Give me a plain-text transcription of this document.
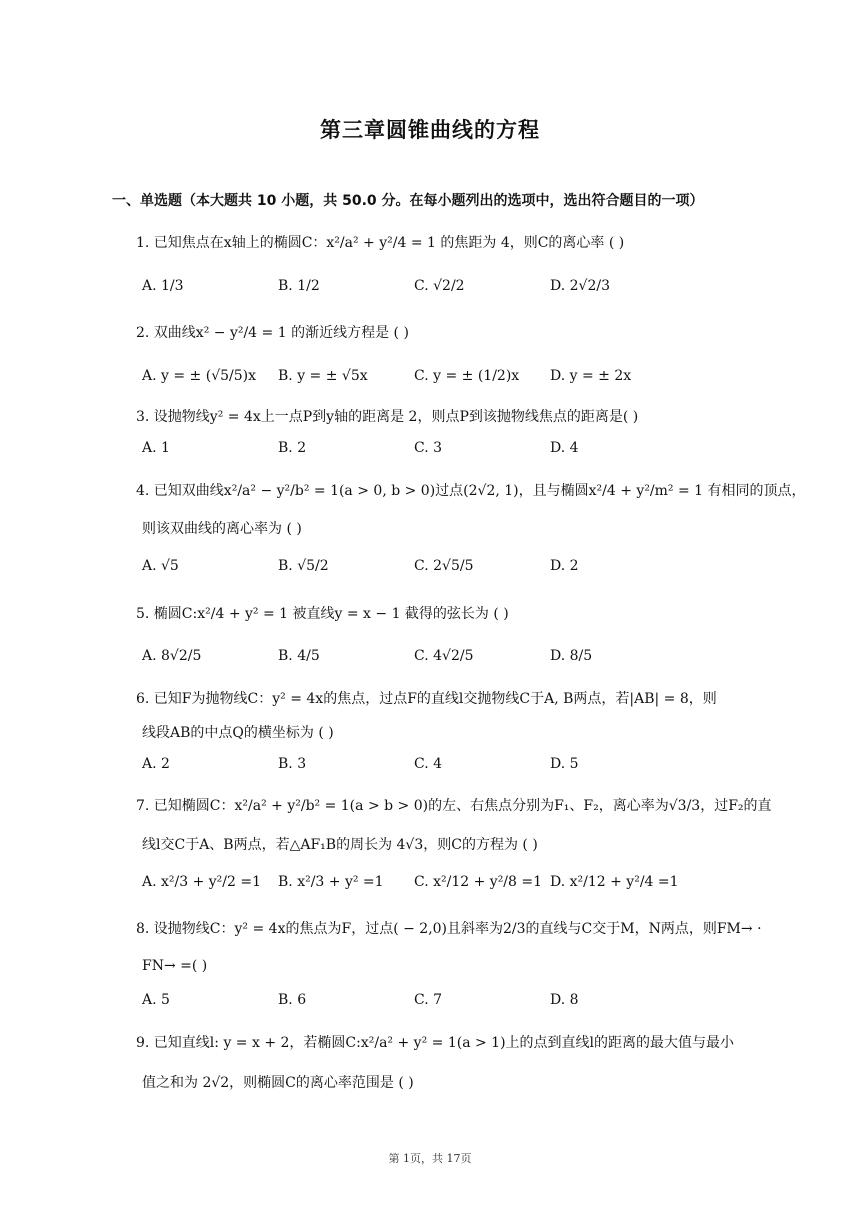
第三章圆锥曲线的方程
一、单选题（本大题共 10 小题，共 50.0 分。在每小题列出的选项中，选出符合题目的一项）
1. 已知焦点在x轴上的椭圆C：x²/a² + y²/4 = 1 的焦距为 4，则C的离心率 ( )
A. 1/3	B. 1/2	C. √2/2	D. 2√2/3
2. 双曲线x² − y²/4 = 1 的渐近线方程是 ( )
A. y = ± (√5/5)x B. y = ± √5x	C. y = ± (1/2)x D. y = ± 2x
3. 设抛物线y² = 4x上一点P到y轴的距离是 2，则点P到该抛物线焦点的距离是( )
A. 1	B. 2	C. 3	D. 4
4. 已知双曲线x²/a² − y²/b² = 1(a > 0, b > 0)过点(2√2, 1)，且与椭圆x²/4 + y²/m² = 1 有相同的顶点，
则该双曲线的离心率为 ( )
A. √5	B. √5/2	C. 2√5/5	D. 2
5. 椭圆C:x²/4 + y² = 1 被直线y = x − 1 截得的弦长为 ( )
A. 8√2/5	B. 4/5	C. 4√2/5	D. 8/5
6. 已知F为抛物线C：y² = 4x的焦点，过点F的直线l交抛物线C于A, B两点，若|AB| = 8，则
线段AB的中点Q的横坐标为 ( )
A. 2	B. 3	C. 4	D. 5
7. 已知椭圆C：x²/a² + y²/b² = 1(a > b > 0)的左、右焦点分别为F₁、F₂，离心率为√3/3，过F₂的直
线l交C于A、B两点，若△AF₁B的周长为 4√3，则C的方程为 ( )
A. x²/3 + y²/2 =1 B. x²/3 + y² =1 C. x²/12 + y²/8 =1 D. x²/12 + y²/4 =1
8. 设抛物线C：y² = 4x的焦点为F，过点( − 2,0)且斜率为2/3的直线与C交于M，N两点，则FM→ ·
FN→ =( )
A. 5	B. 6	C. 7	D. 8
9. 已知直线l: y = x + 2，若椭圆C:x²/a² + y² = 1(a > 1)上的点到直线l的距离的最大值与最小
值之和为 2√2，则椭圆C的离心率范围是 ( )
第 1页，共 17页
